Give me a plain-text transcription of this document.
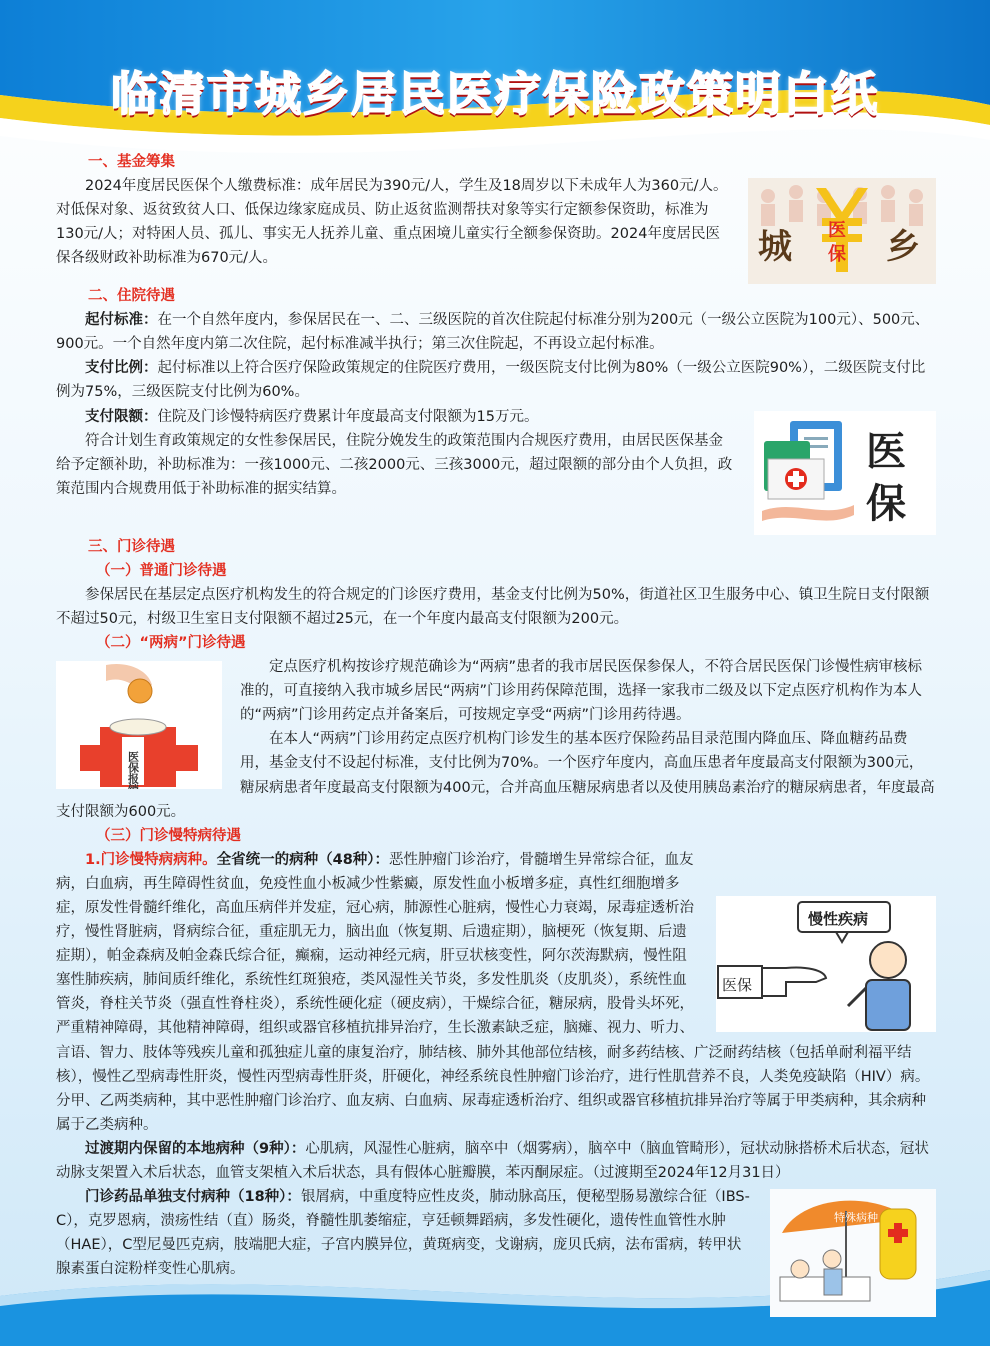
临清市城乡居民医疗保险政策明白纸

一、基金筹集

城 医
保 乡

2024年度居民医保个人缴费标准：成年居民为390元/人，学生及18周岁以下未成年人为360元/人。对低保对象、返贫致贫人口、低保边缘家庭成员、防止返贫监测帮扶对象等实行定额参保资助，标准为130元/人；对特困人员、孤儿、事实无人抚养儿童、重点困境儿童实行全额参保资助。2024年度居民医保各级财政补助标准为670元/人。

二、住院待遇

起付标准：在一个自然年度内，参保居民在一、二、三级医院的首次住院起付标准分别为200元（一级公立医院为100元）、500元、900元。一个自然年度内第二次住院，起付标准减半执行；第三次住院起，不再设立起付标准。

支付比例：起付标准以上符合医疗保险政策规定的住院医疗费用，一级医院支付比例为80%（一级公立医院90%），二级医院支付比例为75%，三级医院支付比例为60%。

医
保

支付限额：住院及门诊慢特病医疗费累计年度最高支付限额为15万元。

符合计划生育政策规定的女性参保居民，住院分娩发生的政策范围内合规医疗费用，由居民医保基金给予定额补助，补助标准为：一孩1000元、二孩2000元、三孩3000元，超过限额的部分由个人负担，政策范围内合规费用低于补助标准的据实结算。

三、门诊待遇

（一）普通门诊待遇

参保居民在基层定点医疗机构发生的符合规定的门诊医疗费用，基金支付比例为50%，街道社区卫生服务中心、镇卫生院日支付限额不超过50元，村级卫生室日支付限额不超过25元，在一个年度内最高支付限额为200元。

（二）“两病”门诊待遇

医保报销

定点医疗机构按诊疗规范确诊为“两病”患者的我市居民医保参保人，不符合居民医保门诊慢性病审核标准的，可直接纳入我市城乡居民“两病”门诊用药保障范围，选择一家我市二级及以下定点医疗机构作为本人的“两病”门诊用药定点并备案后，可按规定享受“两病”门诊用药待遇。

在本人“两病”门诊用药定点医疗机构门诊发生的基本医疗保险药品目录范围内降血压、降血糖药品费用，基金支付不设起付标准，支付比例为70%。一个医疗年度内，高血压患者年度最高支付限额为300元，糖尿病患者年度最高支付限额为400元，合并高血压糖尿病患者以及使用胰岛素治疗的糖尿病患者，年度最高支付限额为600元。

（三）门诊慢特病待遇

慢性疾病
医保

1.门诊慢特病病种。全省统一的病种（48种）：恶性肿瘤门诊治疗，骨髓增生异常综合征，血友病，白血病，再生障碍性贫血，免疫性血小板减少性紫癜，原发性血小板增多症，真性红细胞增多症，原发性骨髓纤维化，高血压病伴并发症，冠心病，肺源性心脏病，慢性心力衰竭，尿毒症透析治疗，慢性肾脏病，肾病综合征，重症肌无力，脑出血（恢复期、后遗症期），脑梗死（恢复期、后遗症期），帕金森病及帕金森氏综合征，癫痫，运动神经元病，肝豆状核变性，阿尔茨海默病，慢性阻塞性肺疾病，肺间质纤维化，系统性红斑狼疮，类风湿性关节炎，多发性肌炎（皮肌炎），系统性血管炎，脊柱关节炎（强直性脊柱炎），系统性硬化症（硬皮病），干燥综合征，糖尿病，股骨头坏死，严重精神障碍，其他精神障碍，组织或器官移植抗排异治疗，生长激素缺乏症，脑瘫、视力、听力、言语、智力、肢体等残疾儿童和孤独症儿童的康复治疗，肺结核、肺外其他部位结核，耐多药结核、广泛耐药结核（包括单耐利福平结核），慢性乙型病毒性肝炎，慢性丙型病毒性肝炎，肝硬化，神经系统良性肿瘤门诊治疗，进行性肌营养不良，人类免疫缺陷（HIV）病。分甲、乙两类病种，其中恶性肿瘤门诊治疗、血友病、白血病、尿毒症透析治疗、组织或器官移植抗排异治疗等属于甲类病种，其余病种属于乙类病种。

过渡期内保留的本地病种（9种）：心肌病，风湿性心脏病，脑卒中（烟雾病），脑卒中（脑血管畸形），冠状动脉搭桥术后状态，冠状动脉支架置入术后状态，血管支架植入术后状态，具有假体心脏瓣膜，苯丙酮尿症。（过渡期至2024年12月31日）

特殊病种

门诊药品单独支付病种（18种）：银屑病，中重度特应性皮炎，肺动脉高压，便秘型肠易激综合征（IBS-C），克罗恩病，溃疡性结（直）肠炎，脊髓性肌萎缩症，亨廷顿舞蹈病，多发性硬化，遗传性血管性水肿（HAE），C型尼曼匹克病，肢端肥大症，子宫内膜异位，黄斑病变，戈谢病，庞贝氏病，法布雷病，转甲状腺素蛋白淀粉样变性心肌病。
